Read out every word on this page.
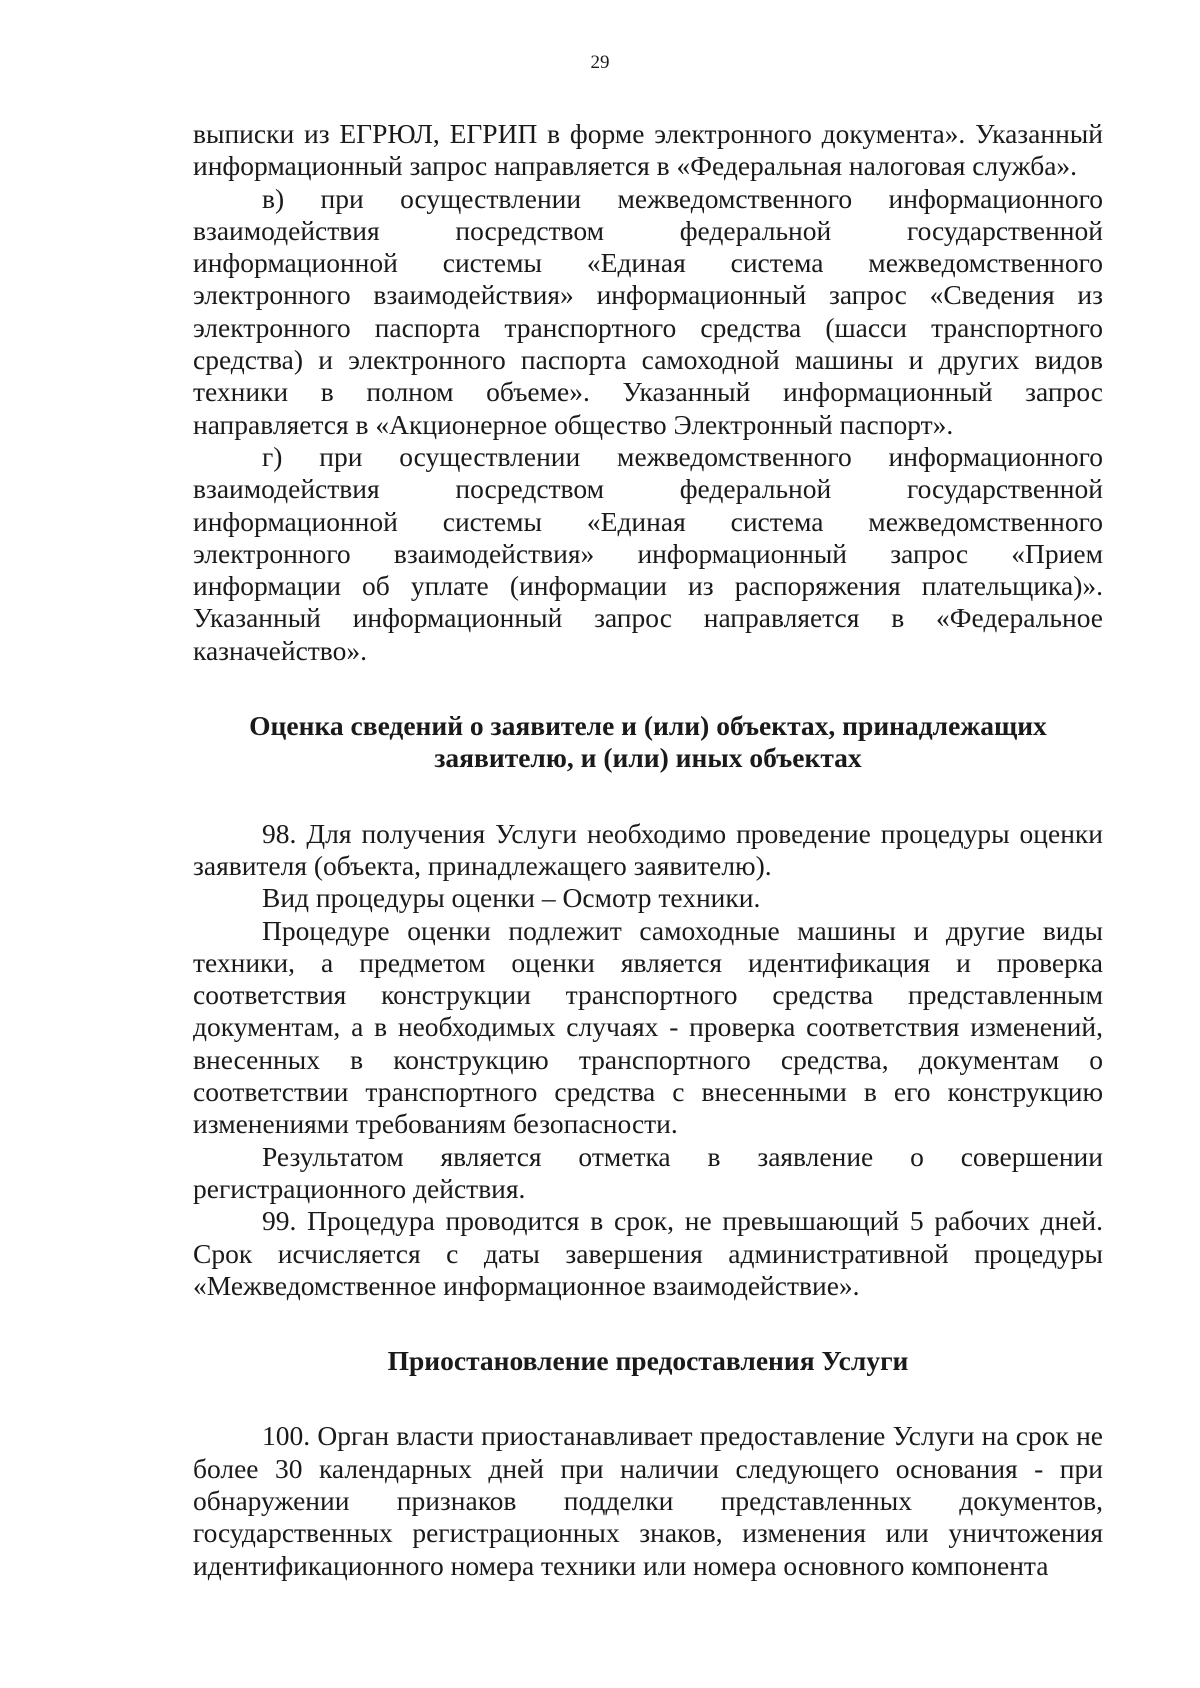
29

выписки из ЕГРЮЛ, ЕГРИП в форме электронного документа». Указанный информационный запрос направляется в «Федеральная налоговая служба».

в) при осуществлении межведомственного информационного взаимодействия посредством федеральной государственной информационной системы «Единая система межведомственного электронного взаимодействия» информационный запрос «Сведения из электронного паспорта транспортного средства (шасси транспортного средства) и электронного паспорта самоходной машины и других видов техники в полном объеме». Указанный информационный запрос направляется в «Акционерное общество Электронный паспорт».

г) при осуществлении межведомственного информационного взаимодействия посредством федеральной государственной информационной системы «Единая система межведомственного электронного взаимодействия» информационный запрос «Прием информации об уплате (информации из распоряжения плательщика)». Указанный информационный запрос направляется в «Федеральное казначейство».

Оценка сведений о заявителе и (или) объектах, принадлежащих
заявителю, и (или) иных объектах

98. Для получения Услуги необходимо проведение процедуры оценки заявителя (объекта, принадлежащего заявителю).

Вид процедуры оценки – Осмотр техники.

Процедуре оценки подлежит самоходные машины и другие виды техники, а предметом оценки является идентификация и проверка соответствия конструкции транспортного средства представленным документам, а в необходимых случаях - проверка соответствия изменений, внесенных в конструкцию транспортного средства, документам о соответствии транспортного средства с внесенными в его конструкцию изменениями требованиям безопасности.

Результатом является отметка в заявление о совершении регистрационного действия.

99. Процедура проводится в срок, не превышающий 5 рабочих дней. Срок исчисляется с даты завершения административной процедуры «Межведомственное информационное взаимодействие».

Приостановление предоставления Услуги

100. Орган власти приостанавливает предоставление Услуги на срок не более 30 календарных дней при наличии следующего основания - при обнаружении признаков подделки представленных документов, государственных регистрационных знаков, изменения или уничтожения идентификационного номера техники или номера основного компонента
